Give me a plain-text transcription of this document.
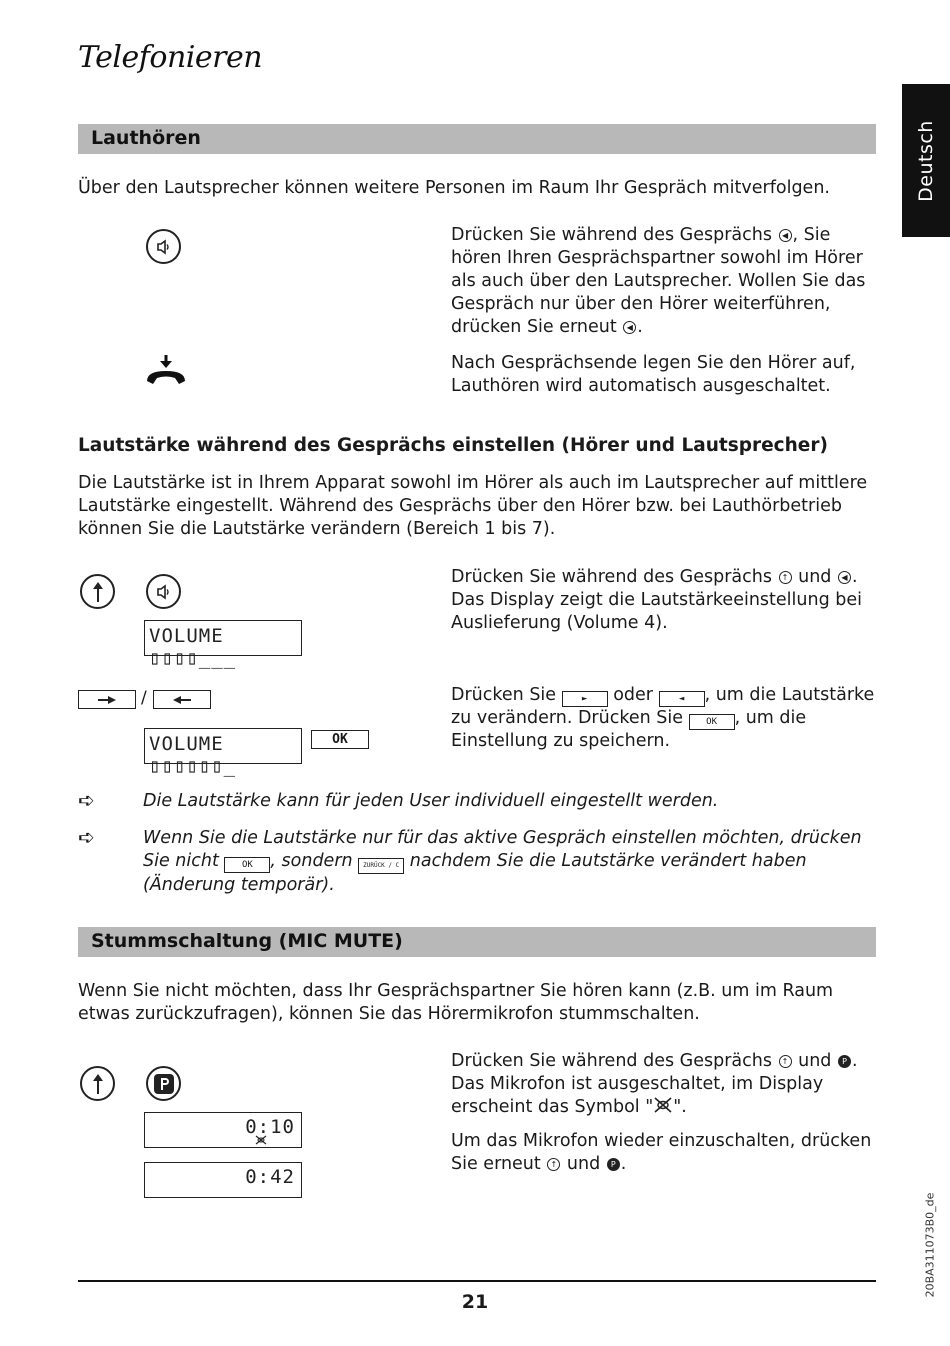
Telefonieren
Deutsch
Lauthören
Über den Lautsprecher können weitere Personen im Raum Ihr Gespräch mitverfolgen.
Drücken Sie während des Gesprächs ◀ , Sie hören Ihren Gesprächspartner sowohl im Hörer als auch über den Lautsprecher. Wollen Sie das Gespräch nur über den Hörer weiterführen, drücken Sie erneut ◀ .
Nach Gesprächsende legen Sie den Hörer auf, Lauthören wird automatisch ausgeschaltet.
Lautstärke während des Gesprächs einstellen (Hörer und Lautsprecher)
Die Lautstärke ist in Ihrem Apparat sowohl im Hörer als auch im Lautsprecher auf mittlere Lautstärke eingestellt. Während des Gesprächs über den Hörer bzw. bei Lauthörbetrieb können Sie die Lautstärke verändern (Bereich 1 bis 7).
VOLUME ▯▯▯▯___
Drücken Sie während des Gesprächs ↑ und ◀ . Das Display zeigt die Lautstärkeeinstellung bei Auslieferung (Volume 4).
/
VOLUME ▯▯▯▯▯▯_
OK
Drücken Sie	► oder	◄ , um die Lautstärke zu verändern. Drücken Sie	OK , um die Einstellung zu speichern.
➪	Die Lautstärke kann für jeden User individuell eingestellt werden.
➪	Wenn Sie die Lautstärke nur für das aktive Gespräch einstellen möchten, drücken Sie nicht	OK , sondern ZURÜCK / C nachdem Sie die Lautstärke verändert haben (Änderung temporär).
Stummschaltung (MIC MUTE)
Wenn Sie nicht möchten, dass Ihr Gesprächspartner Sie hören kann (z.B. um im Raum etwas zurückzufragen), können Sie das Hörermikrofon stummschalten.
0:10
0:42
Drücken Sie während des Gesprächs ↑ und P . Das Mikrofon ist ausgeschaltet, im Display erscheint das Symbol " ".
Um das Mikrofon wieder einzuschalten, drücken Sie erneut ↑ und P .
21
20BA311073B0_de
